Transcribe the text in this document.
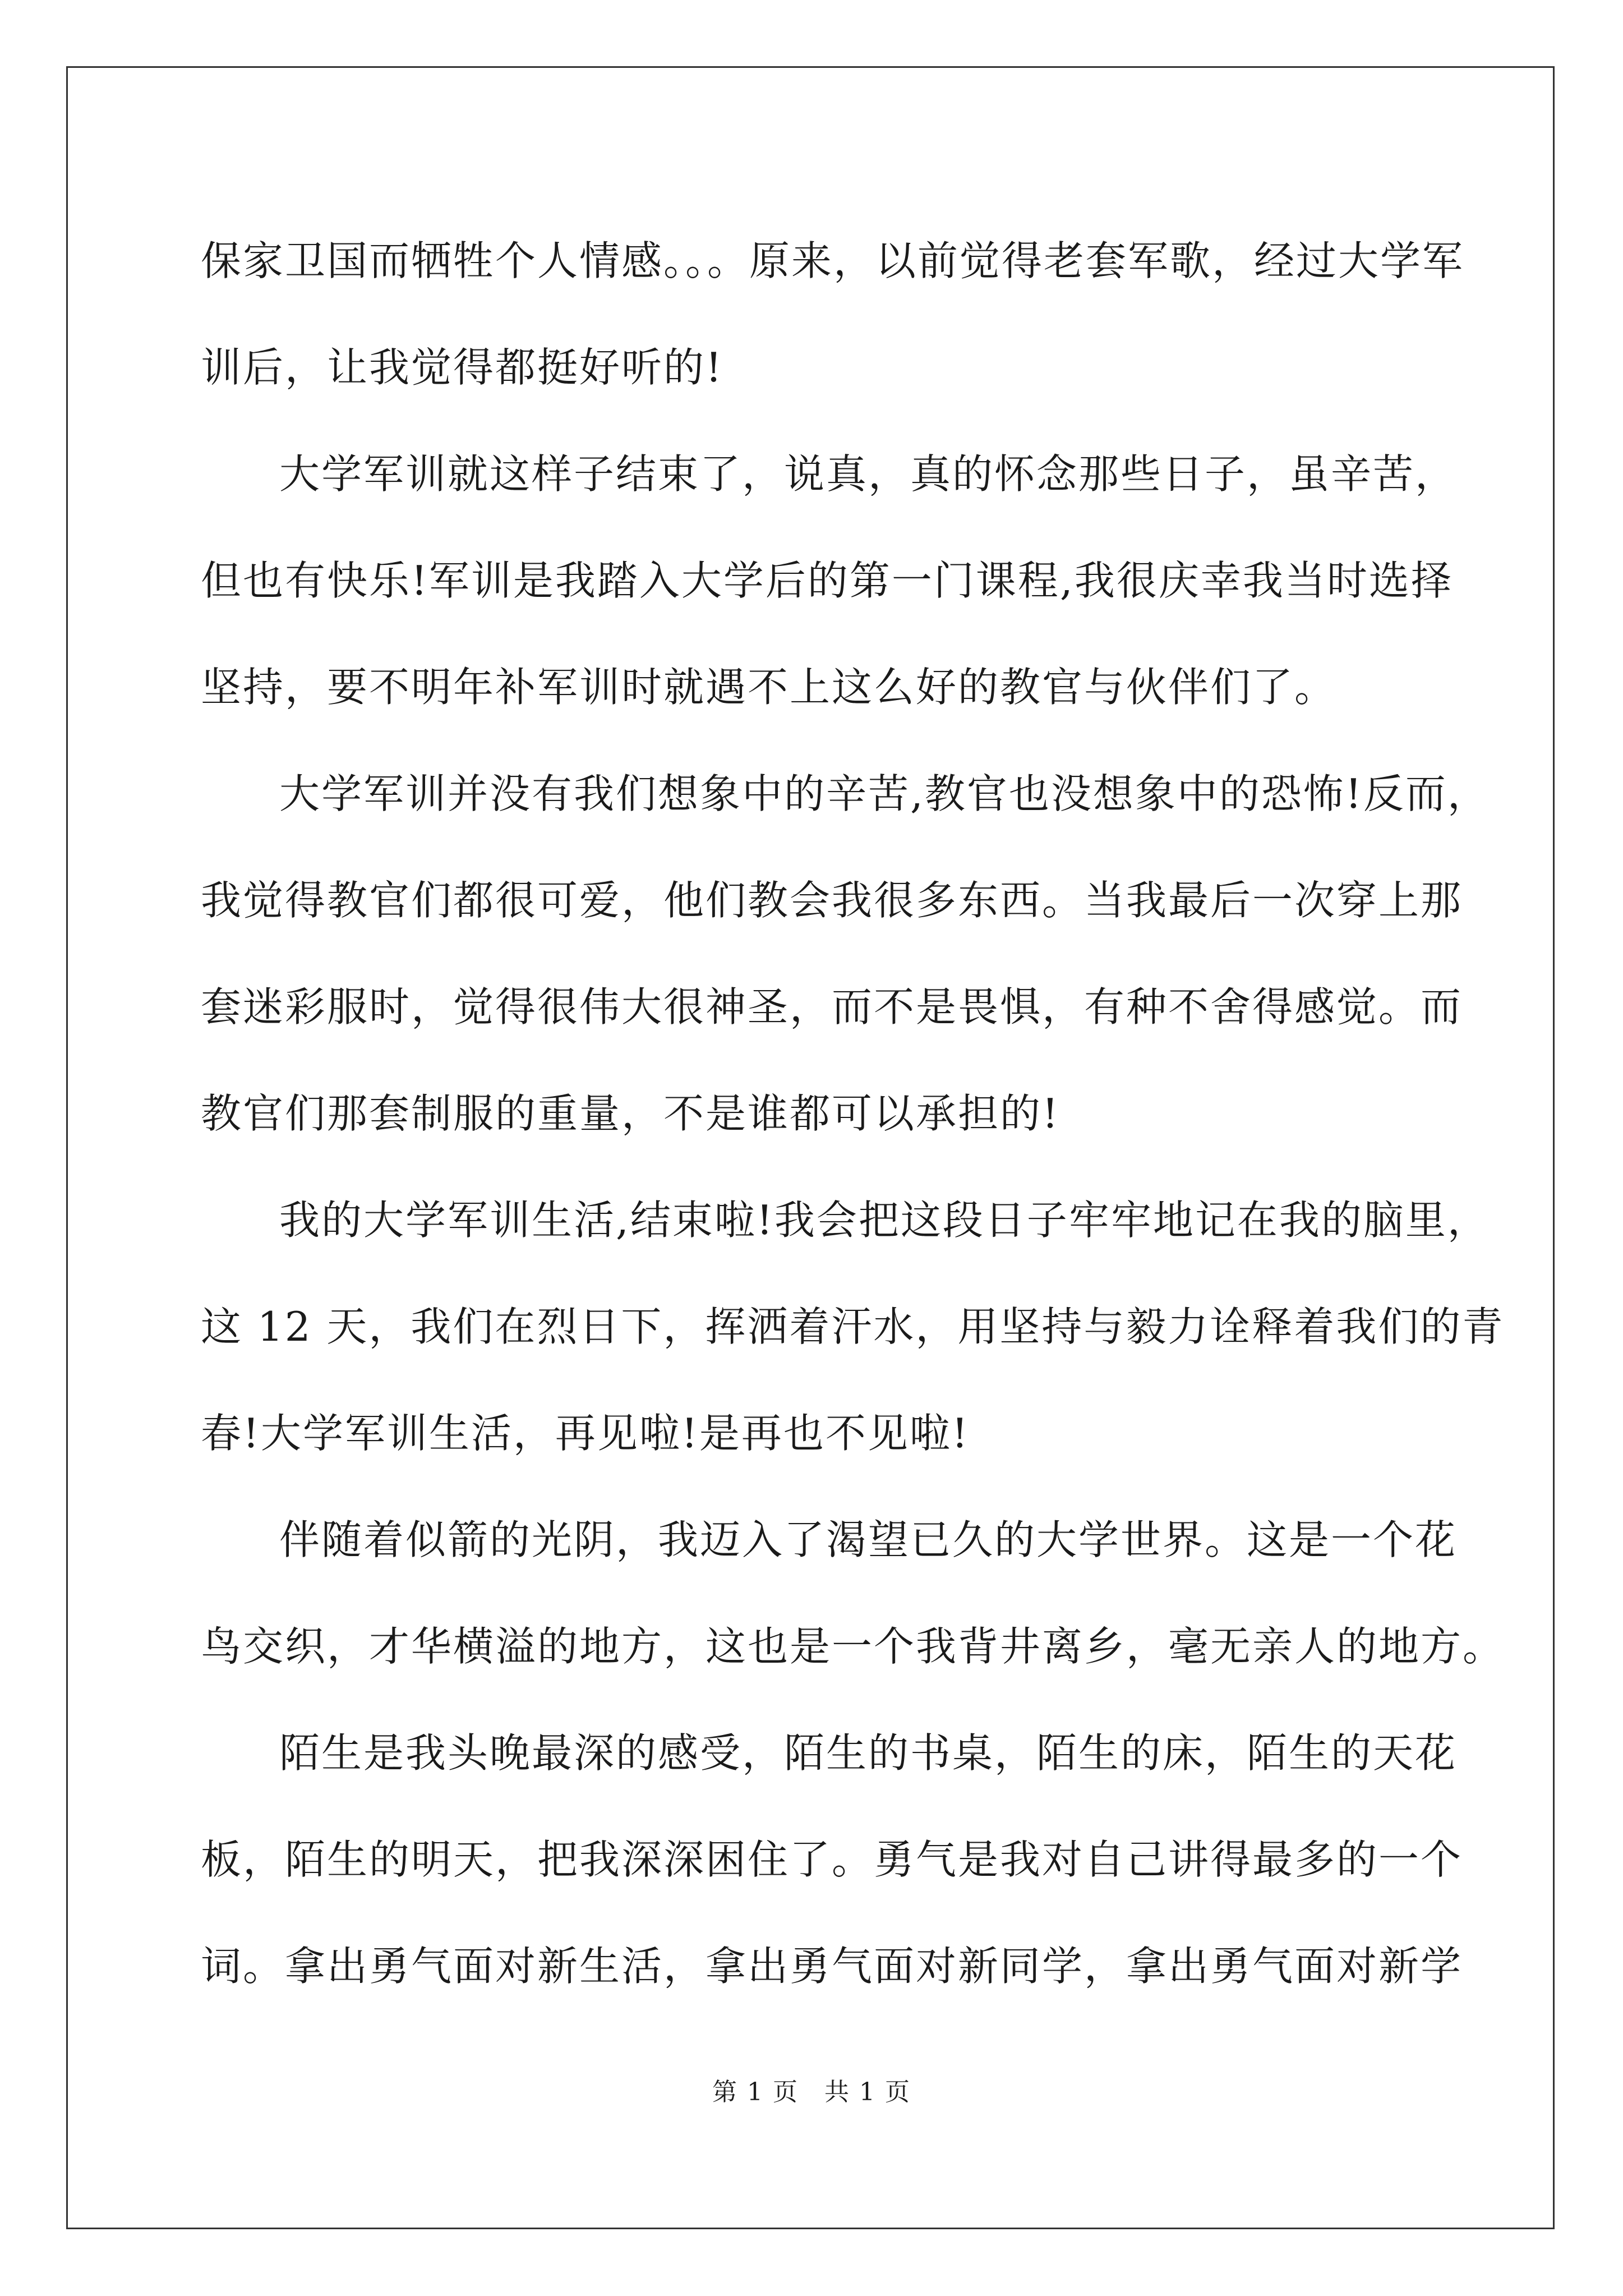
保家卫国而牺牲个人情感。。。原来，以前觉得老套军歌，经过大学军
训后，让我觉得都挺好听的!
大学军训就这样子结束了，说真，真的怀念那些日子，虽辛苦，
但也有快乐!军训是我踏入大学后的第一门课程,我很庆幸我当时选择
坚持，要不明年补军训时就遇不上这么好的教官与伙伴们了。
大学军训并没有我们想象中的辛苦,教官也没想象中的恐怖!反而，
我觉得教官们都很可爱，他们教会我很多东西。当我最后一次穿上那
套迷彩服时，觉得很伟大很神圣，而不是畏惧，有种不舍得感觉。而
教官们那套制服的重量，不是谁都可以承担的!
我的大学军训生活,结束啦!我会把这段日子牢牢地记在我的脑里，
这 12 天，我们在烈日下，挥洒着汗水，用坚持与毅力诠释着我们的青
春!大学军训生活，再见啦!是再也不见啦!
伴随着似箭的光阴，我迈入了渴望已久的大学世界。这是一个花
鸟交织，才华横溢的地方，这也是一个我背井离乡，毫无亲人的地方。
陌生是我头晚最深的感受，陌生的书桌，陌生的床，陌生的天花
板，陌生的明天，把我深深困住了。勇气是我对自己讲得最多的一个
词。拿出勇气面对新生活，拿出勇气面对新同学，拿出勇气面对新学
第 1 页　共 1 页
